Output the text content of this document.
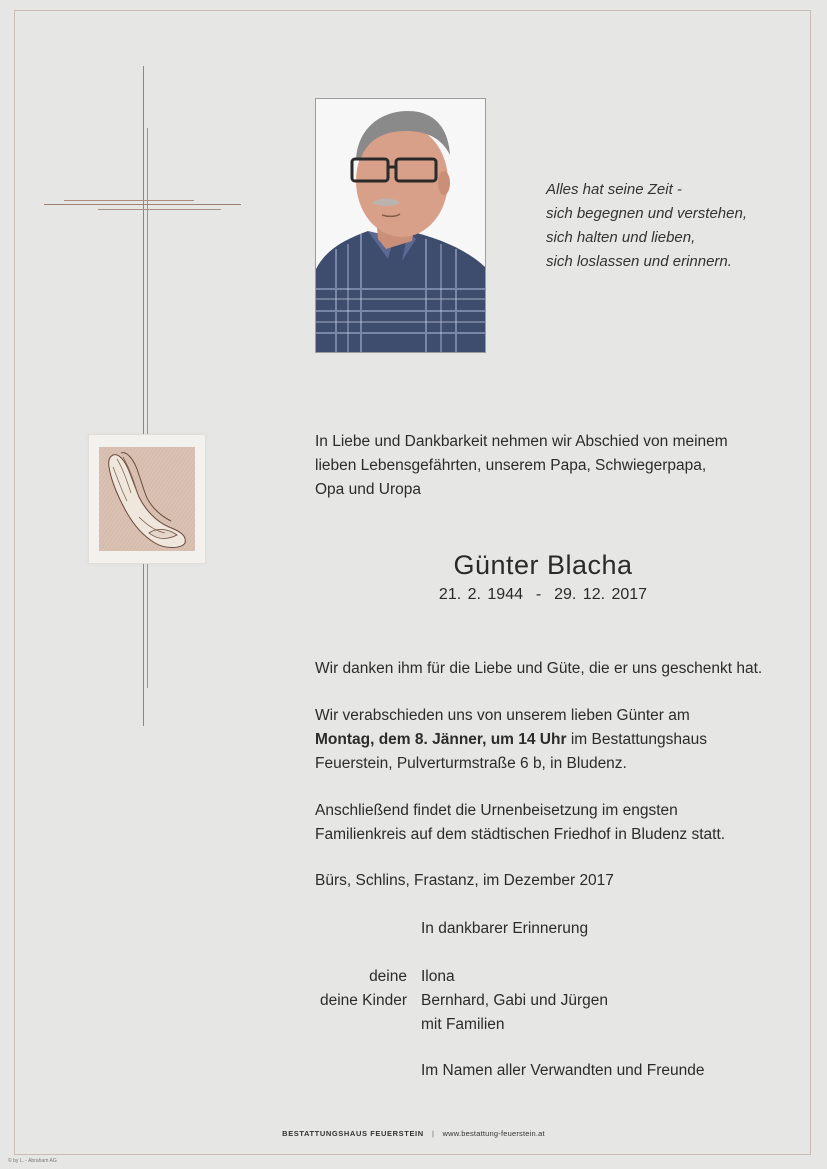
Alles hat seine Zeit -
sich begegnen und verstehen,
sich halten und lieben,
sich loslassen und erinnern.
In Liebe und Dankbarkeit nehmen wir Abschied von meinem
lieben Lebensgefährten, unserem Papa, Schwiegerpapa,
Opa und Uropa
Günter Blacha
21. 2. 1944  -  29. 12. 2017
Wir danken ihm für die Liebe und Güte, die er uns geschenkt hat.
Wir verabschieden uns von unserem lieben Günter am
Montag, dem 8. Jänner, um 14 Uhr im Bestattungshaus
Feuerstein, Pulverturmstraße 6 b, in Bludenz.
Anschließend findet die Urnenbeisetzung im engsten
Familienkreis auf dem städtischen Friedhof in Bludenz statt.
Bürs, Schlins, Frastanz, im Dezember 2017
In dankbarer Erinnerung
deine Ilona
deine Kinder Bernhard, Gabi und Jürgen
mit Familien
Im Namen aller Verwandten und Freunde
BESTATTUNGSHAUS FEUERSTEIN | www.bestattung-feuerstein.at
© by L. - Abraham AG
